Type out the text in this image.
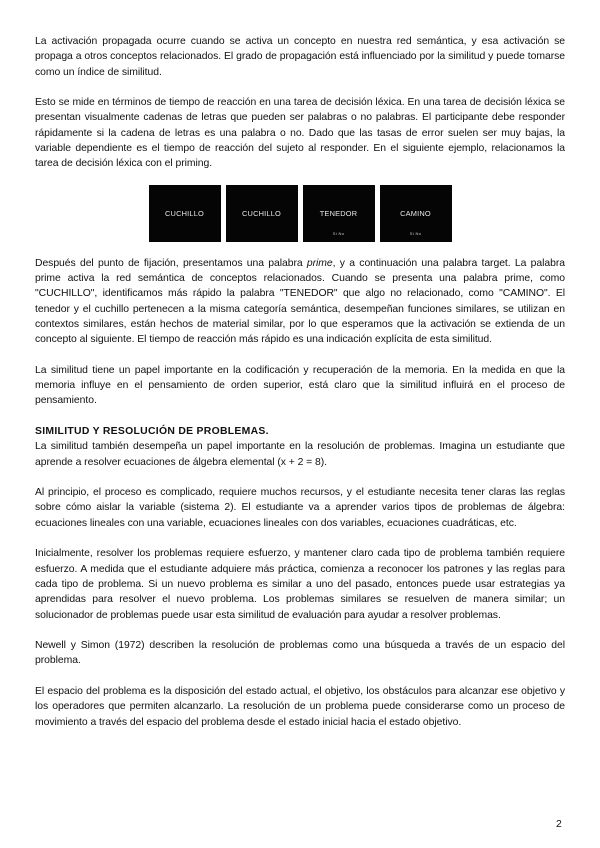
La activación propagada ocurre cuando se activa un concepto en nuestra red semántica, y esa activación se propaga a otros conceptos relacionados. El grado de propagación está influenciado por la similitud y puede tomarse como un índice de similitud.

Esto se mide en términos de tiempo de reacción en una tarea de decisión léxica. En una tarea de decisión léxica se presentan visualmente cadenas de letras que pueden ser palabras o no palabras. El participante debe responder rápidamente si la cadena de letras es una palabra o no. Dado que las tasas de error suelen ser muy bajas, la variable dependiente es el tiempo de reacción del sujeto al responder. En el siguiente ejemplo, relacionamos la tarea de decisión léxica con el priming.

CUCHILLO	CUCHILLO	TENEDOR
Sí No
CAMINO
Sí No

Después del punto de fijación, presentamos una palabra prime, y a continuación una palabra target. La palabra prime activa la red semántica de conceptos relacionados. Cuando se presenta una palabra prime, como "CUCHILLO", identificamos más rápido la palabra "TENEDOR" que algo no relacionado, como "CAMINO". El tenedor y el cuchillo pertenecen a la misma categoría semántica, desempeñan funciones similares, se utilizan en contextos similares, están hechos de material similar, por lo que esperamos que la activación se extienda de un concepto al siguiente. El tiempo de reacción más rápido es una indicación explícita de esta similitud.

La similitud tiene un papel importante en la codificación y recuperación de la memoria. En la medida en que la memoria influye en el pensamiento de orden superior, está claro que la similitud influirá en el proceso de pensamiento.

SIMILITUD Y RESOLUCIÓN DE PROBLEMAS.

La similitud también desempeña un papel importante en la resolución de problemas. Imagina un estudiante que aprende a resolver ecuaciones de álgebra elemental (x + 2 = 8).

Al principio, el proceso es complicado, requiere muchos recursos, y el estudiante necesita tener claras las reglas sobre cómo aislar la variable (sistema 2). El estudiante va a aprender varios tipos de problemas de álgebra: ecuaciones lineales con una variable, ecuaciones lineales con dos variables, ecuaciones cuadráticas, etc.

Inicialmente, resolver los problemas requiere esfuerzo, y mantener claro cada tipo de problema también requiere esfuerzo. A medida que el estudiante adquiere más práctica, comienza a reconocer los patrones y las reglas para cada tipo de problema. Si un nuevo problema es similar a uno del pasado, entonces puede usar estrategias ya aprendidas para resolver el nuevo problema. Los problemas similares se resuelven de manera similar; un solucionador de problemas puede usar esta similitud de evaluación para ayudar a resolver problemas.

Newell y Simon (1972) describen la resolución de problemas como una búsqueda a través de un espacio del problema.

El espacio del problema es la disposición del estado actual, el objetivo, los obstáculos para alcanzar ese objetivo y los operadores que permiten alcanzarlo. La resolución de un problema puede considerarse como un proceso de movimiento a través del espacio del problema desde el estado inicial hacia el estado objetivo.

2
